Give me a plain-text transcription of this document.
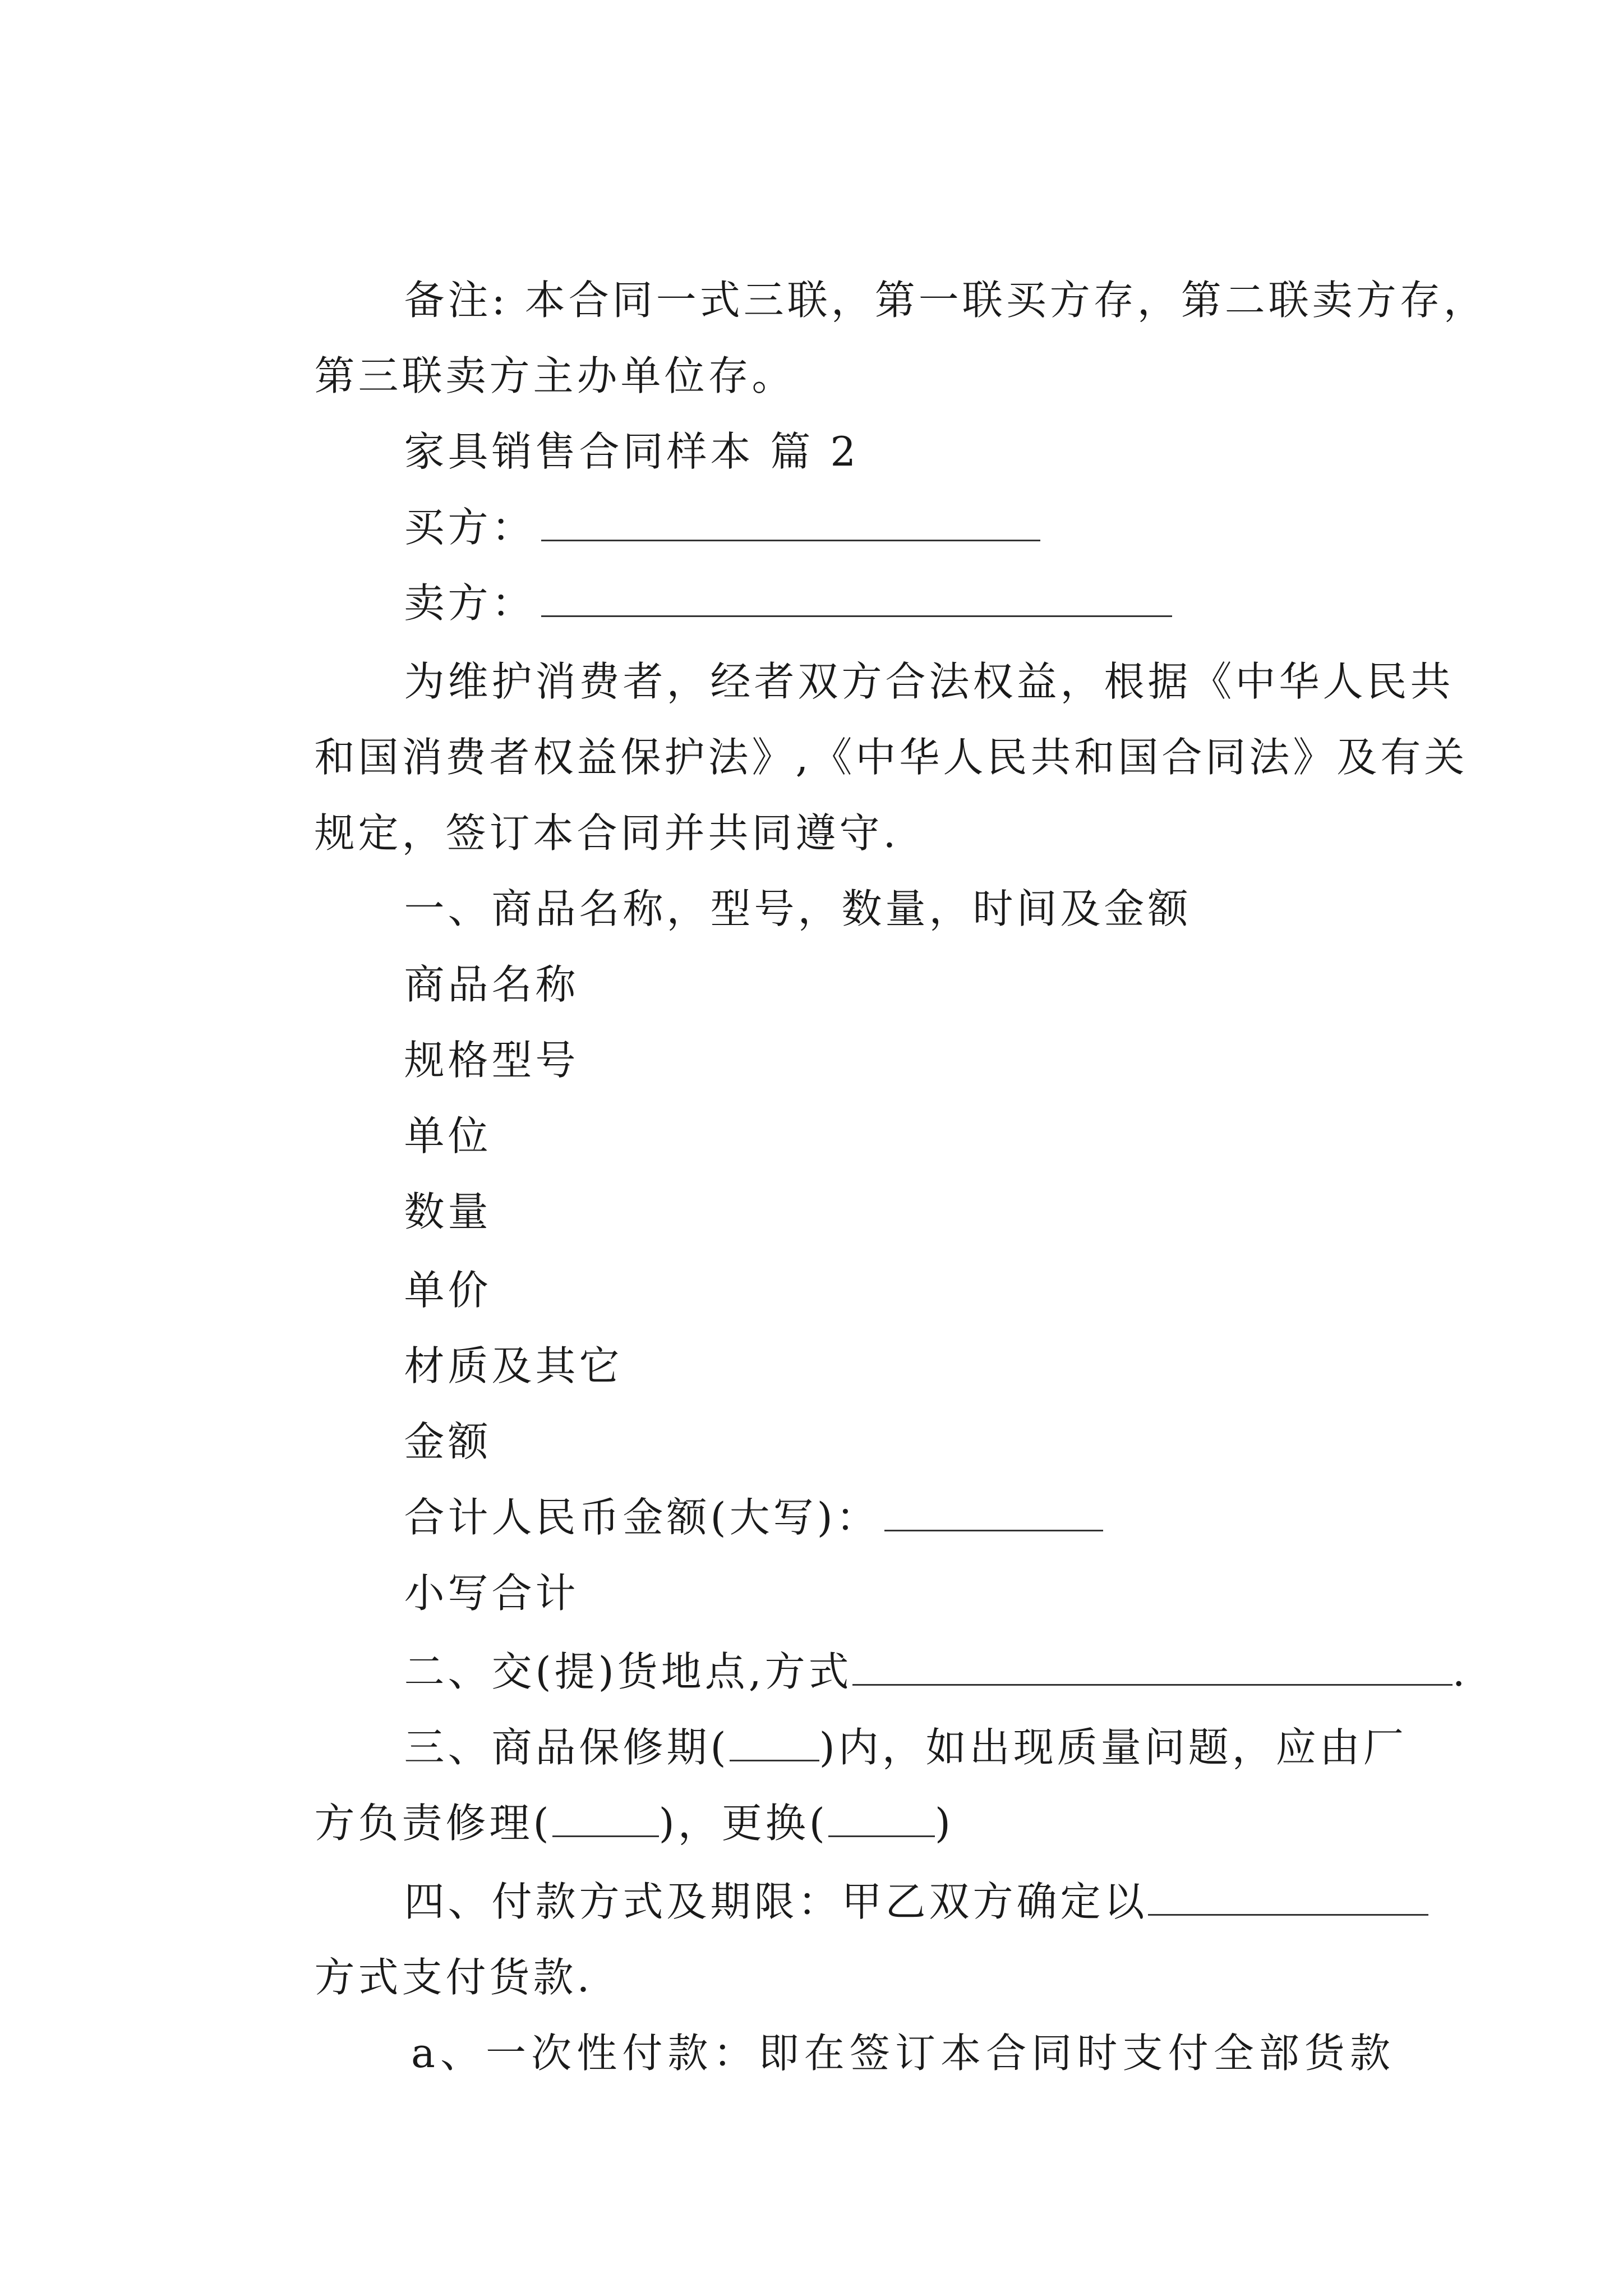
备注: 本合同一式三联，第一联买方存，第二联卖方存，

第三联卖方主办单位存。

家具销售合同样本 篇 2

买方：

卖方：

为维护消费者，经者双方合法权益，根据《中华人民共

和国消费者权益保护法》,《中华人民共和国合同法》及有关

规定，签订本合同并共同遵守.

一、商品名称，型号，数量，时间及金额

商品名称

规格型号

单位

数量

单价

材质及其它

金额

合计人民币金额(大写)：

小写合计

二、交(提)货地点,方式	.

三、商品保修期( )内，如出现质量问题，应由厂

方负责修理(	)，更换(	)

四、付款方式及期限：甲乙双方确定以

方式支付货款.

a、一次性付款：即在签订本合同时支付全部货款
